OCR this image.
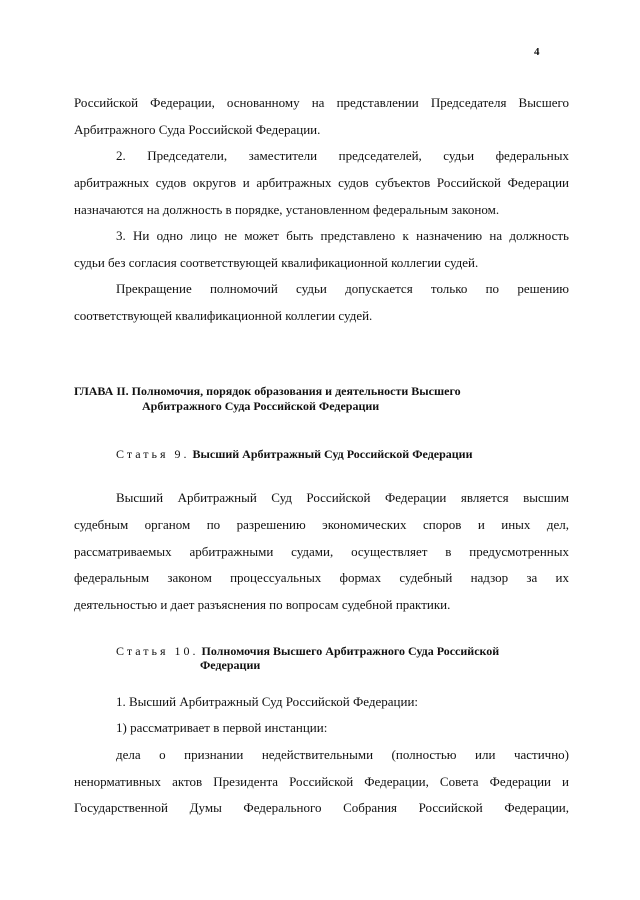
4

Российской Федерации, основанному на представлении Председателя Высшего

Арбитражного Суда Российской Федерации.

2. Председатели, заместители председателей, судьи федеральных

арбитражных судов округов и арбитражных судов субъектов Российской Федерации

назначаются на должность в порядке, установленном федеральным законом.

3. Ни одно лицо не может быть представлено к назначению на должность

судьи без согласия соответствующей квалификационной коллегии судей.

Прекращение полномочий судьи допускается только по решению

соответствующей квалификационной коллегии судей.

ГЛАВА II. Полномочия, порядок образования и деятельности Высшего
Арбитражного Суда Российской Федерации
Статья 9. Высший Арбитражный Суд Российской Федерации

Высший Арбитражный Суд Российской Федерации является высшим

судебным органом по разрешению экономических споров и иных дел,

рассматриваемых арбитражными судами, осуществляет в предусмотренных

федеральным законом процессуальных формах судебный надзор за их

деятельностью и дает разъяснения по вопросам судебной практики.

Статья 10. Полномочия Высшего Арбитражного Суда Российской
Федерации

1. Высший Арбитражный Суд Российской Федерации:

1) рассматривает в первой инстанции:

дела о признании недействительными (полностью или частично)

ненормативных актов Президента Российской Федерации, Совета Федерации и

Государственной Думы Федерального Собрания Российской Федерации,
